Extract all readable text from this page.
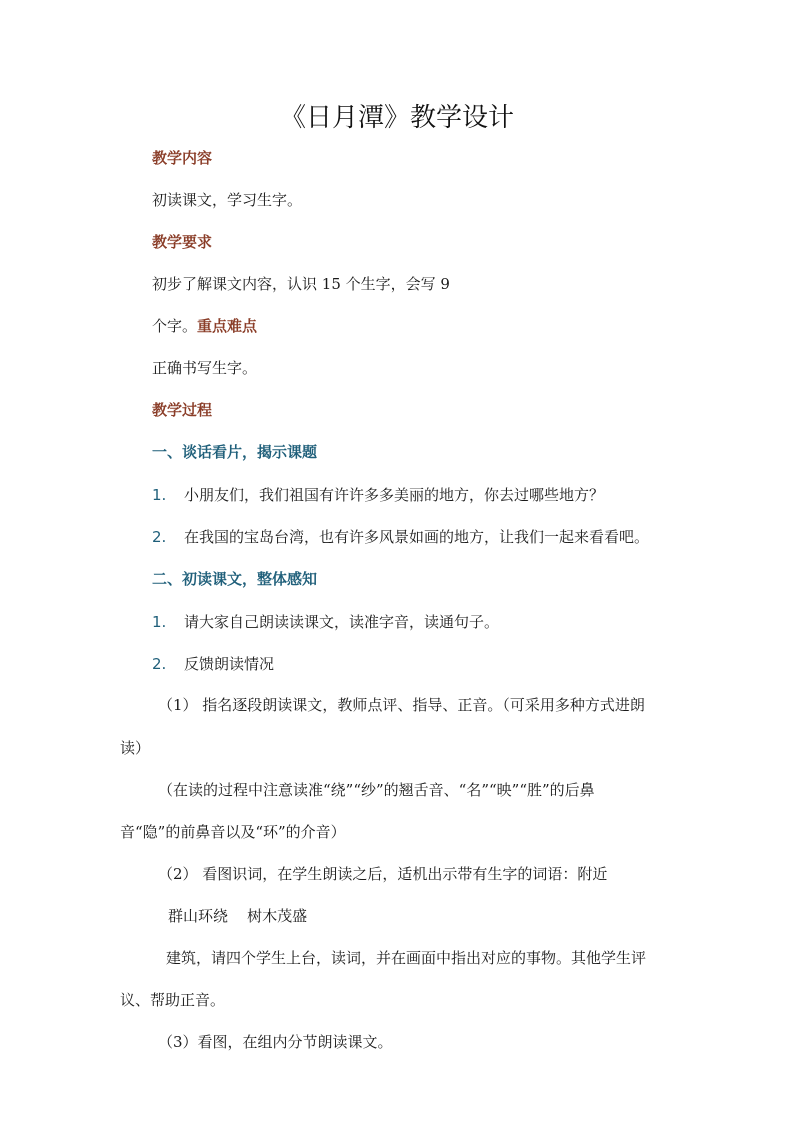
《日月潭》教学设计
教学内容
初读课文，学习生字。
教学要求
初步了解课文内容，认识 15 个生字，会写 9
个字。重点难点
正确书写生字。
教学过程
一、谈话看片，揭示课题
1. 小朋友们，我们祖国有许许多多美丽的地方，你去过哪些地方？
2. 在我国的宝岛台湾，也有许多风景如画的地方，让我们一起来看看吧。
二、初读课文，整体感知
1. 请大家自己朗读读课文，读准字音，读通句子。
2. 反馈朗读情况
（1） 指名逐段朗读课文，教师点评、指导、正音。（可采用多种方式进朗
读）
（在读的过程中注意读准“绕”“纱”的翘舌音、“名”“映”“胜”的后鼻
音“隐”的前鼻音以及“环”的介音）
（2） 看图识词，在学生朗读之后，适机出示带有生字的词语：附近
群山环绕    树木茂盛
建筑，请四个学生上台，读词，并在画面中指出对应的事物。其他学生评
议、帮助正音。
（3）看图，在组内分节朗读课文。
